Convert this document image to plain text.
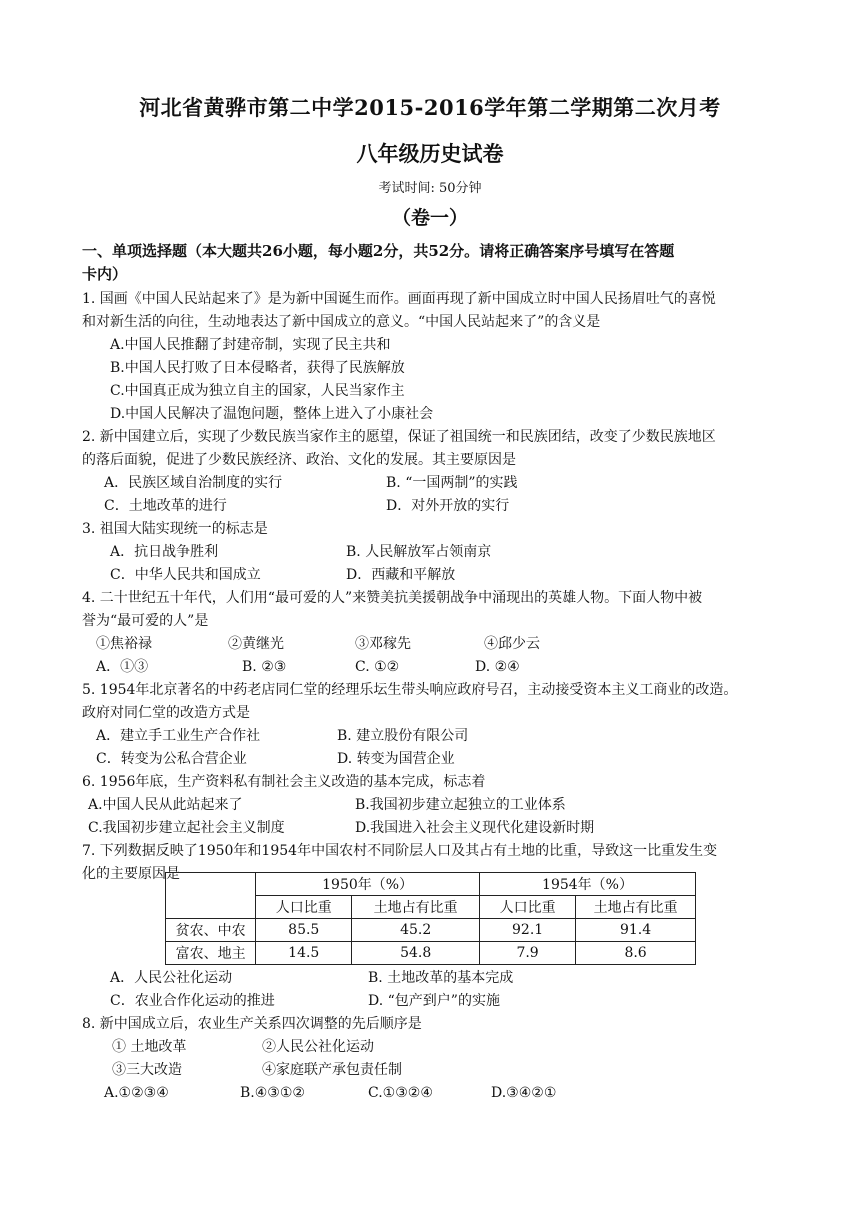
河北省黄骅市第二中学2015-2016学年第二学期第二次月考
八年级历史试卷
考试时间: 50分钟
（卷一）
一、单项选择题（本大题共26小题，每小题2分，共52分。请将正确答案序号填写在答题
卡内）
1. 国画《中国人民站起来了》是为新中国诞生而作。画面再现了新中国成立时中国人民扬眉吐气的喜悦
和对新生活的向往，生动地表达了新中国成立的意义。“中国人民站起来了”的含义是
A.中国人民推翻了封建帝制，实现了民主共和
B.中国人民打败了日本侵略者，获得了民族解放
C.中国真正成为独立自主的国家，人民当家作主
D.中国人民解决了温饱问题，整体上进入了小康社会
2. 新中国建立后，实现了少数民族当家作主的愿望，保证了祖国统一和民族团结，改变了少数民族地区
的落后面貌，促进了少数民族经济、政治、文化的发展。其主要原因是
A．民族区域自治制度的实行	B. “一国两制”的实践
C．土地改革的进行	D．对外开放的实行
3. 祖国大陆实现统一的标志是
A．抗日战争胜利	B. 人民解放军占领南京
C．中华人民共和国成立	D．西藏和平解放
4. 二十世纪五十年代，人们用“最可爱的人”来赞美抗美援朝战争中涌现出的英雄人物。下面人物中被
誉为“最可爱的人”是
①焦裕禄	②黄继光	③邓稼先	④邱少云
A．①③	B. ②③	C. ①②	D. ②④
5. 1954年北京著名的中药老店同仁堂的经理乐坛生带头响应政府号召，主动接受资本主义工商业的改造。
政府对同仁堂的改造方式是
A．建立手工业生产合作社	B. 建立股份有限公司
C．转变为公私合营企业	D. 转变为国营企业
6. 1956年底，生产资料私有制社会主义改造的基本完成，标志着
A.中国人民从此站起来了	B.我国初步建立起独立的工业体系
C.我国初步建立起社会主义制度	D.我国进入社会主义现代化建设新时期
7. 下列数据反映了1950年和1954年中国农村不同阶层人口及其占有土地的比重，导致这一比重发生变
化的主要原因是
	1950年（%）		1954年（%）	
	人口比重	土地占有比重	人口比重	土地占有比重
贫农、中农	85.5	45.2	92.1	91.4
富农、地主	14.5	54.8	7.9	8.6
A．人民公社化运动	B. 土地改革的基本完成
C．农业合作化运动的推进	D. “包产到户”的实施
8. 新中国成立后，农业生产关系四次调整的先后顺序是
① 土地改革	②人民公社化运动
③三大改造	④家庭联产承包责任制
A.①②③④	B.④③①②	C.①③②④	D.③④②①
